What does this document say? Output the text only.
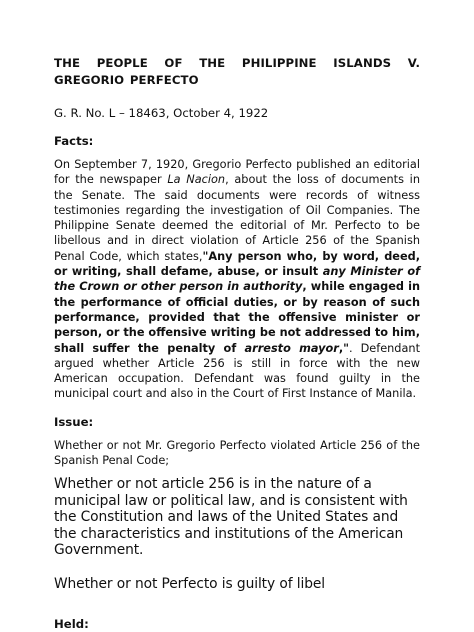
THE PEOPLE OF THE PHILIPPINE ISLANDS V. GREGORIO PERFECTO

G. R. No. L – 18463, October 4, 1922

Facts:

On September 7, 1920, Gregorio Perfecto published an editorial for the newspaper La Nacion, about the loss of documents in the Senate. The said documents were records of witness testimonies regarding the investigation of Oil Companies. The Philippine Senate deemed the editorial of Mr. Perfecto to be libellous and in direct violation of Article 256 of the Spanish Penal Code, which states,"Any person who, by word, deed, or writing, shall defame, abuse, or insult any Minister of the Crown or other person in authority, while engaged in the performance of official duties, or by reason of such performance, provided that the offensive minister or person, or the offensive writing be not addressed to him, shall suffer the penalty of arresto mayor,". Defendant argued whether Article 256 is still in force with the new American occupation. Defendant was found guilty in the municipal court and also in the Court of First Instance of Manila.

Issue:

Whether or not Mr. Gregorio Perfecto violated Article 256 of the Spanish Penal Code;

Whether or not article 256 is in the nature of a municipal law or political law, and is consistent with the Constitution and laws of the United States and the characteristics and institutions of the American Government.

Whether or not Perfecto is guilty of libel

Held:
